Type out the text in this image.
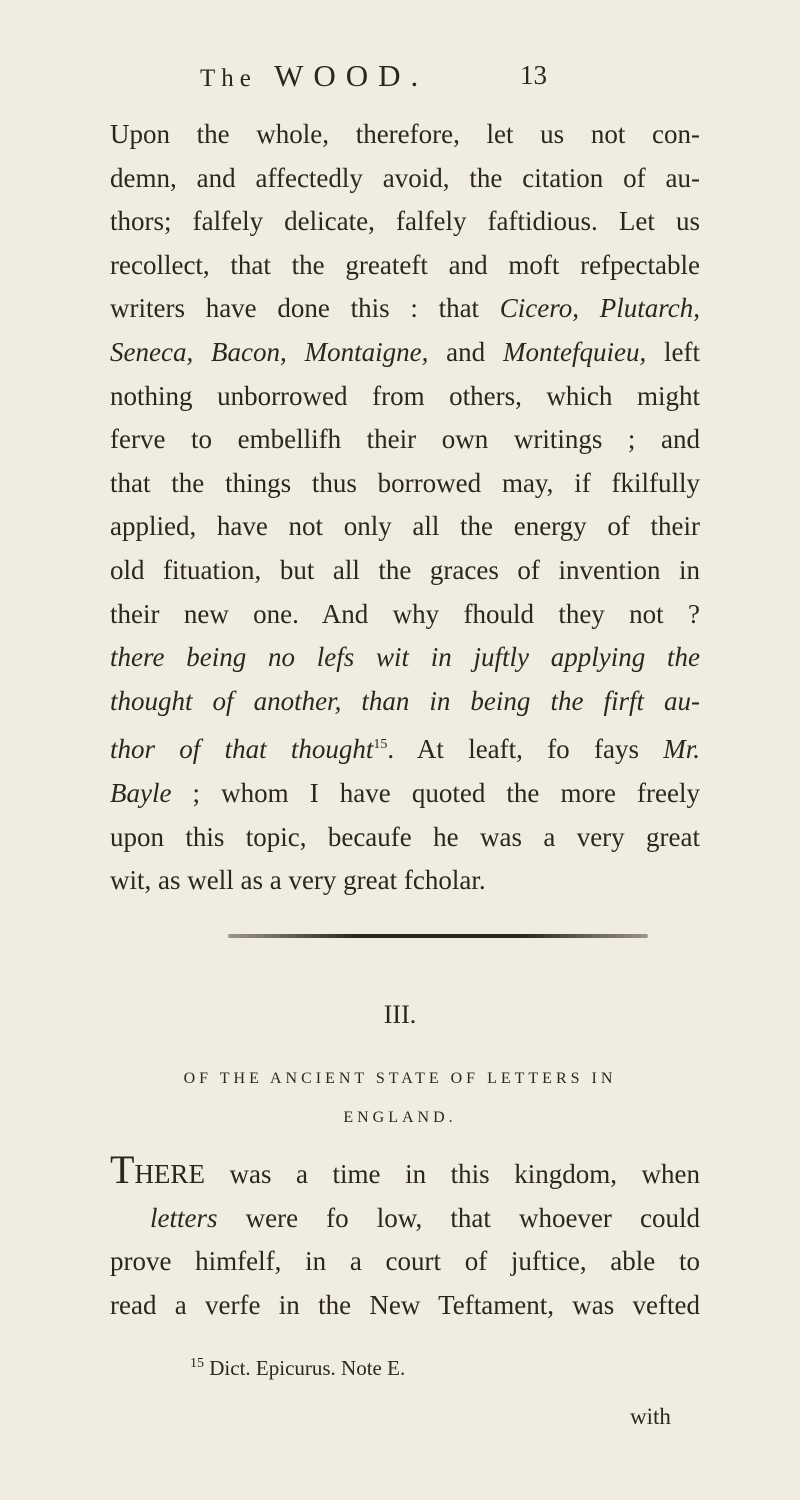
The WOOD.	13
Upon the whole, therefore, let us not con-
demn, and affectedly avoid, the citation of au-
thors; falfely delicate, falfely faftidious. Let us
recollect, that the greateft and moft refpectable
writers have done this : that Cicero, Plutarch,
Seneca, Bacon, Montaigne, and Montefquieu, left
nothing unborrowed from others, which might
ferve to embellifh their own writings ; and
that the things thus borrowed may, if fkilfully
applied, have not only all the energy of their
old fituation, but all the graces of invention in
their new one. And why fhould they not ?
there being no lefs wit in juftly applying the
thought of another, than in being the firft au-
thor of that thought$^{15}$. At leaft, fo fays Mr.
Bayle ; whom I have quoted the more freely
upon this topic, becaufe he was a very great
wit, as well as a very great fcholar.
III.
OF THE ANCIENT STATE OF LETTERS IN
ENGLAND.
THERE was a time in this kingdom, when
letters were fo low, that whoever could
prove himfelf, in a court of juftice, able to
read a verfe in the New Teftament, was vefted
$^{15}$ Dict. Epicurus. Note E.
with
